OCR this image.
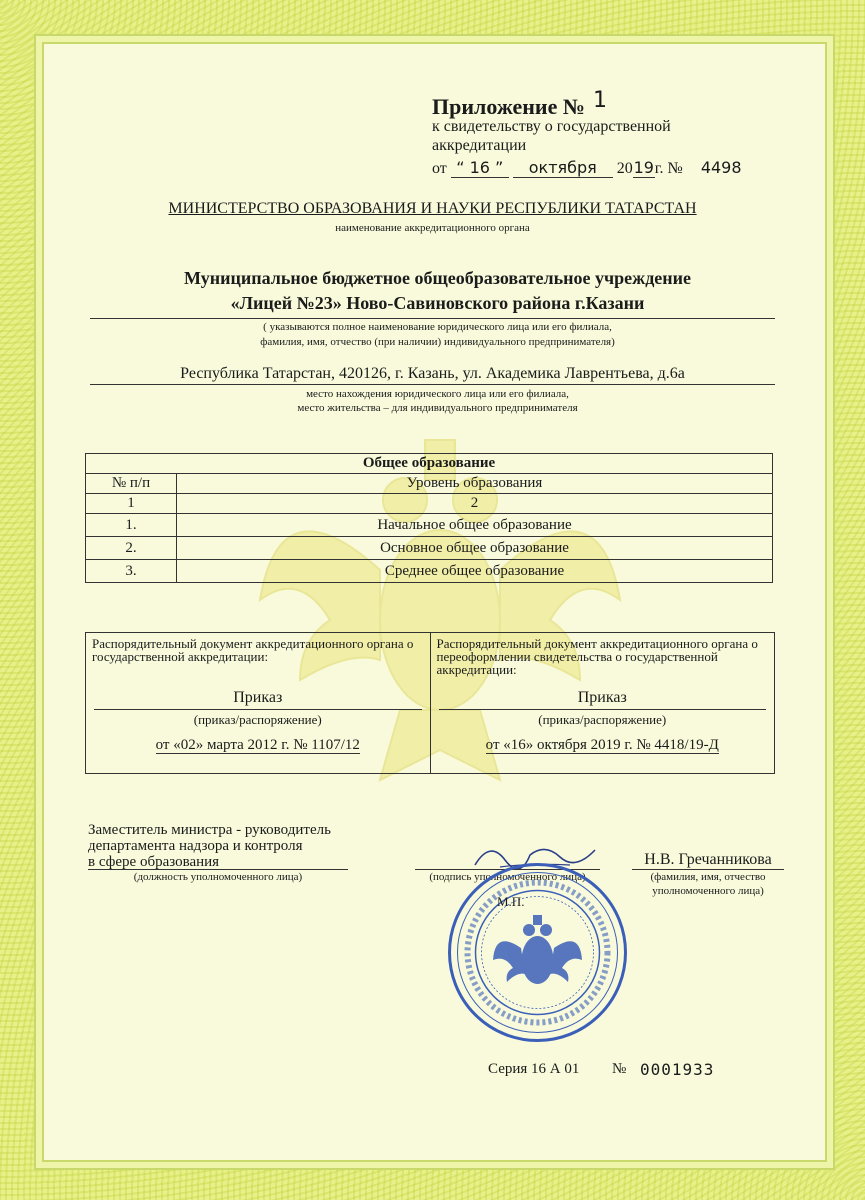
Приложение № 1
к свидетельству о государственной
аккредитации
от “ 16 ” октября 2019г. № 4498
МИНИСТЕРСТВО ОБРАЗОВАНИЯ И НАУКИ РЕСПУБЛИКИ ТАТАРСТАН
наименование аккредитационного органа
Муниципальное бюджетное общеобразовательное учреждение
«Лицей №23» Ново-Савиновского района г.Казани
( указываются полное наименование юридического лица или его филиала,
фамилия, имя, отчество (при наличии) индивидуального предпринимателя)
Республика Татарстан, 420126, г. Казань, ул. Академика Лаврентьева, д.6а
место нахождения юридического лица или его филиала,
место жительства – для индивидуального предпринимателя
Общее образование	
№ п/п	Уровень образования
1	2
1.	Начальное общее образование
2.	Основное общее образование
3.	Среднее общее образование
Распорядительный документ аккредитационного органа о государственной аккредитации:
Приказ
(приказ/распоряжение)
от «02» марта 2012 г. № 1107/12
Распорядительный документ аккредитационного органа о переоформлении свидетельства о государственной аккредитации:
Приказ
(приказ/распоряжение)
от «16» октября 2019 г. № 4418/19-Д
Заместитель министра - руководитель
департамента надзора и контроля
в сфере образования
(должность уполномоченного лица)	(подпись уполномоченного лица)
Н.В. Гречанникова
(фамилия, имя, отчество
уполномоченного лица)
М.П.
Серия 16 А 01 № 0001933
